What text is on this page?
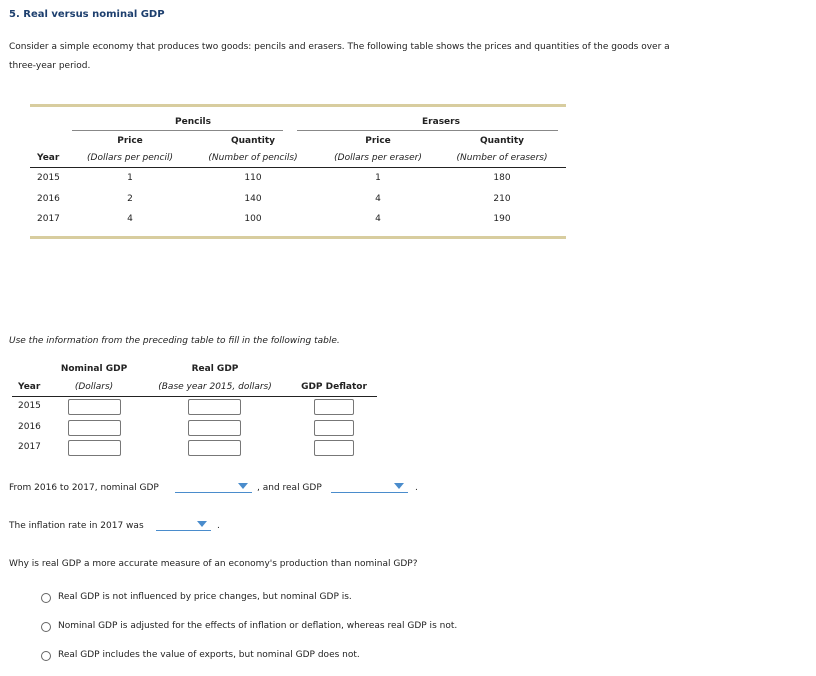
5. Real versus nominal GDP
Consider a simple economy that produces two goods: pencils and erasers. The following table shows the prices and quantities of the goods over a
three-year period.
Pencils	Erasers
Price	Quantity	Price	Quantity
Year	(Dollars per pencil)	(Number of pencils)	(Dollars per eraser)	(Number of erasers)
2015	1	110	1	180
2016	2	140	4	210
2017	4	100	4	190
Use the information from the preceding table to fill in the following table.
Nominal GDP	Real GDP
Year	(Dollars)	(Base year 2015, dollars)	GDP Deflator
2015
2016
2017
From 2016 to 2017, nominal GDP	, and real GDP	.
The inflation rate in 2017 was	.
Why is real GDP a more accurate measure of an economy's production than nominal GDP?
Real GDP is not influenced by price changes, but nominal GDP is.
Nominal GDP is adjusted for the effects of inflation or deflation, whereas real GDP is not.
Real GDP includes the value of exports, but nominal GDP does not.
